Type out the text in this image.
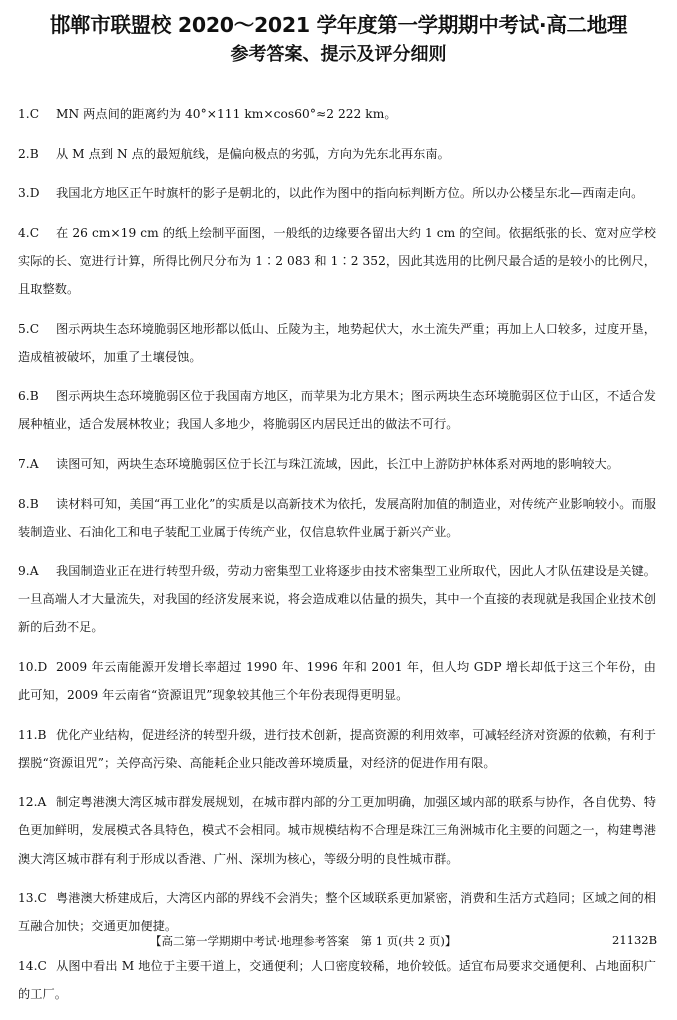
邯郸市联盟校 2020～2021 学年度第一学期期中考试·高二地理
参考答案、提示及评分细则
1.C MN 两点间的距离约为 40°×111 km×cos60°≈2 222 km。
2.B 从 M 点到 N 点的最短航线，是偏向极点的劣弧，方向为先东北再东南。
3.D 我国北方地区正午时旗杆的影子是朝北的，以此作为图中的指向标判断方位。所以办公楼呈东北—西南走向。
4.C 在 26 cm×19 cm 的纸上绘制平面图，一般纸的边缘要各留出大约 1 cm 的空间。依据纸张的长、宽对应学校实际的长、宽进行计算，所得比例尺分布为 1∶2 083 和 1∶2 352，因此其选用的比例尺最合适的是较小的比例尺，且取整数。
5.C 图示两块生态环境脆弱区地形都以低山、丘陵为主，地势起伏大，水土流失严重；再加上人口较多，过度开垦，造成植被破坏，加重了土壤侵蚀。
6.B 图示两块生态环境脆弱区位于我国南方地区，而苹果为北方果木；图示两块生态环境脆弱区位于山区，不适合发展种植业，适合发展林牧业；我国人多地少，将脆弱区内居民迁出的做法不可行。
7.A 读图可知，两块生态环境脆弱区位于长江与珠江流域，因此，长江中上游防护林体系对两地的影响较大。
8.B 读材料可知，美国“再工业化”的实质是以高新技术为依托，发展高附加值的制造业，对传统产业影响较小。而服装制造业、石油化工和电子装配工业属于传统产业，仅信息软件业属于新兴产业。
9.A 我国制造业正在进行转型升级，劳动力密集型工业将逐步由技术密集型工业所取代，因此人才队伍建设是关键。一旦高端人才大量流失，对我国的经济发展来说，将会造成难以估量的损失，其中一个直接的表现就是我国企业技术创新的后劲不足。
10.D 2009 年云南能源开发增长率超过 1990 年、1996 年和 2001 年，但人均 GDP 增长却低于这三个年份，由此可知，2009 年云南省“资源诅咒”现象较其他三个年份表现得更明显。
11.B 优化产业结构，促进经济的转型升级，进行技术创新，提高资源的利用效率，可减轻经济对资源的依赖，有利于摆脱“资源诅咒”；关停高污染、高能耗企业只能改善环境质量，对经济的促进作用有限。
12.A 制定粤港澳大湾区城市群发展规划，在城市群内部的分工更加明确，加强区域内部的联系与协作，各自优势、特色更加鲜明，发展模式各具特色，模式不会相同。城市规模结构不合理是珠江三角洲城市化主要的问题之一，构建粤港澳大湾区城市群有利于形成以香港、广州、深圳为核心，等级分明的良性城市群。
13.C 粤港澳大桥建成后，大湾区内部的界线不会消失；整个区域联系更加紧密，消费和生活方式趋同；区域之间的相互融合加快；交通更加便捷。
14.C 从图中看出 M 地位于主要干道上，交通便利；人口密度较稀，地价较低。适宜布局要求交通便利、占地面积广的工厂。
【高二第一学期期中考试·地理参考答案　第 1 页(共 2 页)】	21132B
